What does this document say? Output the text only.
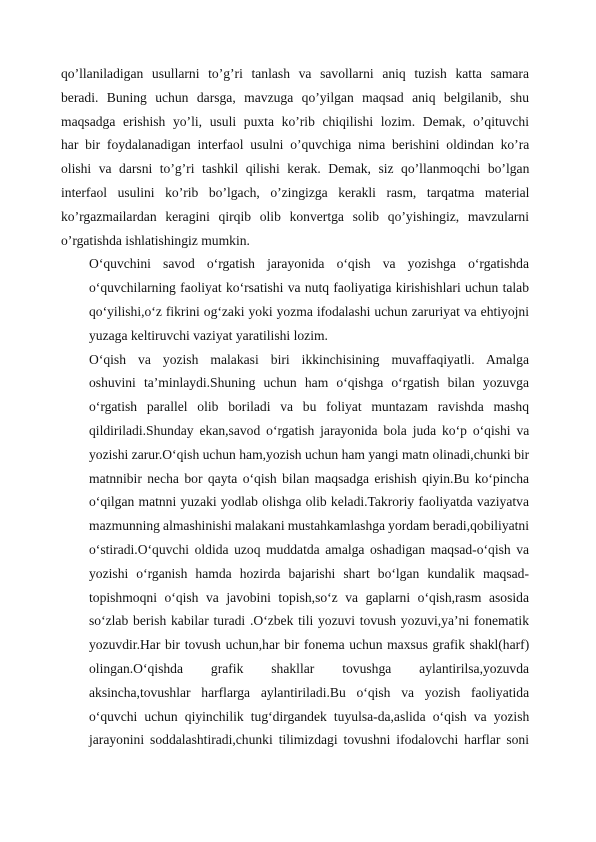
qo’llaniladigan usullarni to’g’ri tanlash va savollarni aniq tuzish katta samara
beradi. Buning uchun darsga, mavzuga qo’yilgan maqsad aniq belgilanib, shu
maqsadga erishish yo’li, usuli puxta ko’rib chiqilishi lozim. Demak, o’qituvchi
har bir foydalanadigan interfaol usulni o’quvchiga nima berishini oldindan ko’ra
olishi va darsni to’g’ri tashkil qilishi kerak. Demak, siz qo’llanmoqchi bo’lgan
interfaol usulini ko’rib bo’lgach, o’zingizga kerakli rasm, tarqatma material
ko’rgazmailardan keragini qirqib olib konvertga solib qo’yishingiz, mavzularni
o’rgatishda ishlatishingiz mumkin.
O‘quvchini savod o‘rgatish jarayonida o‘qish va yozishga o‘rgatishda
o‘quvchilarning faoliyat ko‘rsatishi va nutq faoliyatiga kirishishlari uchun talab
qo‘yilishi,o‘z fikrini og‘zaki yoki yozma ifodalashi uchun zaruriyat va ehtiyojni
yuzaga keltiruvchi vaziyat yaratilishi lozim.
O‘qish va yozish malakasi biri ikkinchisining muvaffaqiyatli. Amalga
oshuvini ta’minlaydi.Shuning uchun ham o‘qishga o‘rgatish bilan yozuvga
o‘rgatish parallel olib boriladi va bu foliyat muntazam ravishda mashq
qildiriladi.Shunday ekan,savod o‘rgatish jarayonida bola juda ko‘p o‘qishi va
yozishi zarur.O‘qish uchun ham,yozish uchun ham yangi matn olinadi,chunki bir
matnnibir necha bor qayta o‘qish bilan maqsadga erishish qiyin.Bu ko‘pincha
o‘qilgan matnni yuzaki yodlab olishga olib keladi.Takroriy faoliyatda vaziyatva
mazmunning almashinishi malakani mustahkamlashga yordam beradi,qobiliyatni
o‘stiradi.O‘quvchi oldida uzoq muddatda amalga oshadigan maqsad-o‘qish va
yozishi o‘rganish hamda hozirda bajarishi shart bo‘lgan kundalik maqsad-
topishmoqni o‘qish va javobini topish,so‘z va gaplarni o‘qish,rasm asosida
so‘zlab berish kabilar turadi .O‘zbek tili yozuvi tovush yozuvi,ya’ni fonematik
yozuvdir.Har bir tovush uchun,har bir fonema uchun maxsus grafik shakl(harf)
olingan.O‘qishda grafik shakllar tovushga aylantirilsa,yozuvda
aksincha,tovushlar harflarga aylantiriladi.Bu o‘qish va yozish faoliyatida
o‘quvchi uchun qiyinchilik tug‘dirgandek tuyulsa-da,aslida o‘qish va yozish
jarayonini soddalashtiradi,chunki tilimizdagi tovushni ifodalovchi harflar soni
